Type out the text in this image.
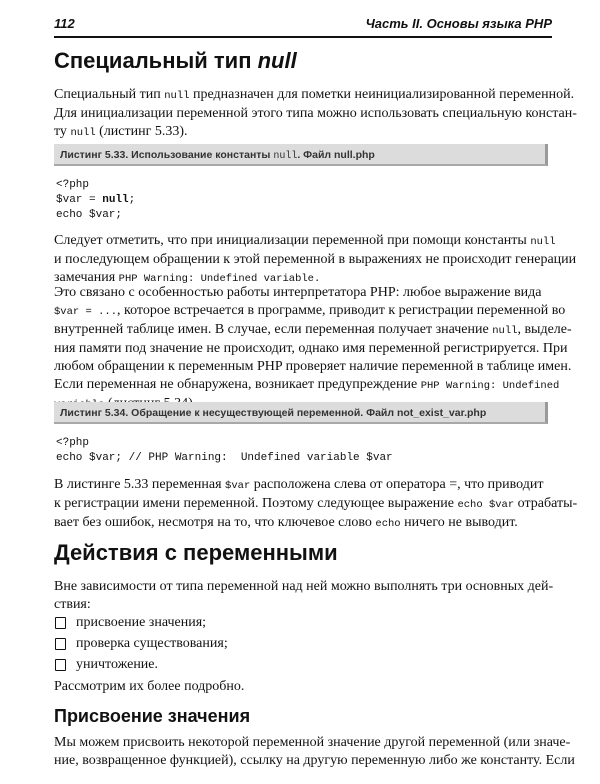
112	Часть II. Основы языка PHP
Специальный тип null

Специальный тип null предназначен для пометки неинициализированной переменной.
Для инициализации переменной этого типа можно использовать специальную констан-
ту null (листинг 5.33).

Листинг 5.33. Использование константы null. Файл null.php
<?php
$var = null;
echo $var;

Следует отметить, что при инициализации переменной при помощи константы null
и последующем обращении к этой переменной в выражениях не происходит генерации
замечания PHP Warning: Undefined variable.

Это связано с особенностью работы интерпретатора PHP: любое выражение вида
$var = ..., которое встречается в программе, приводит к регистрации переменной во
внутренней таблице имен. В случае, если переменная получает значение null, выделе-
ния памяти под значение не происходит, однако имя переменной регистрируется. При
любом обращении к переменным PHP проверяет наличие переменной в таблице имен.
Если переменная не обнаружена, возникает предупреждение PHP Warning: Undefined

Листинг 5.34. Обращение к несуществующей переменной. Файл not_exist_var.php
<?php
echo $var; // PHP Warning:  Undefined variable $var

В листинге 5.33 переменная $var расположена слева от оператора =, что приводит
к регистрации имени переменной. Поэтому следующее выражение echo $var отрабаты-
вает без ошибок, несмотря на то, что ключевое слово echo ничего не выводит.

Действия с переменными

Вне зависимости от типа переменной над ней можно выполнять три основных дей-
ствия:

присвоение значения;
проверка существования;
уничтожение.

Рассмотрим их более подробно.

Присвоение значения

Мы можем присвоить некоторой переменной значение другой переменной (или значе-
ние, возвращенное функцией), ссылку на другую переменную либо же константу. Если
